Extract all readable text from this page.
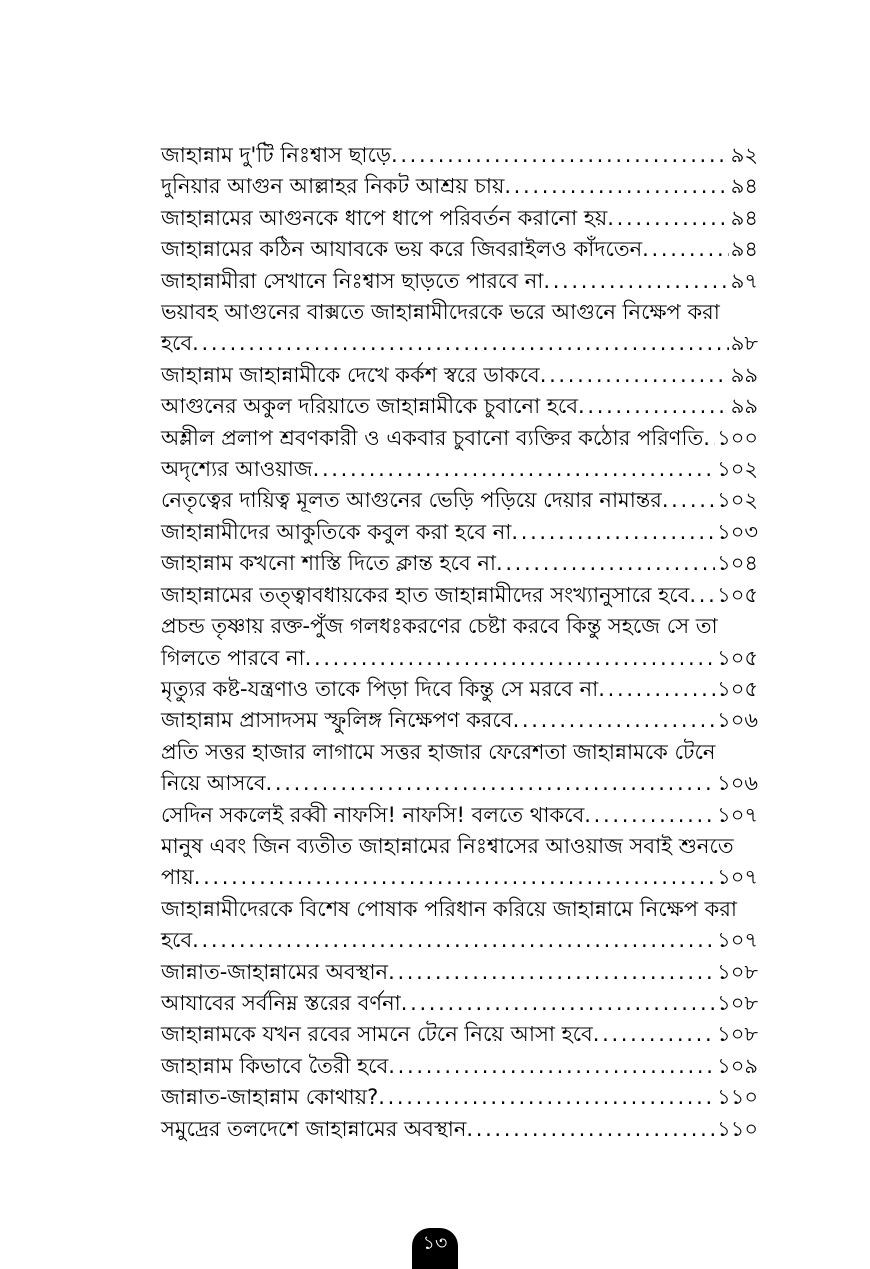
জাহান্নাম দু'টি নিঃশ্বাস ছাড়ে . . .	৯২
দুনিয়ার আগুন আল্লাহর নিকট আশ্রয় চায় . . .	৯৪
জাহান্নামের আগুনকে ধাপে ধাপে পরিবর্তন করানো হয় . . .	৯৪
জাহান্নামের কঠিন আযাবকে ভয় করে জিবরাইলও কাঁদতেন . . .	৯৪
জাহান্নামীরা সেখানে নিঃশ্বাস ছাড়তে পারবে না . . .	৯৭
ভয়াবহ আগুনের বাক্সতে জাহান্নামীদেরকে ভরে আগুনে নিক্ষেপ করা
হবে . . .	৯৮
জাহান্নাম জাহান্নামীকে দেখে কর্কশ স্বরে ডাকবে . . .	৯৯
আগুনের অকুল দরিয়াতে জাহান্নামীকে চুবানো হবে . . .	৯৯
অশ্লীল প্রলাপ শ্রবণকারী ও একবার চুবানো ব্যক্তির কঠোর পরিণতি . . . ১০০
অদৃশ্যের আওয়াজ . . .	১০২
নেতৃত্বের দায়িত্ব মূলত আগুনের ভেড়ি পড়িয়ে দেয়ার নামান্তর . . .	১০২
জাহান্নামীদের আকুতিকে কবুল করা হবে না . . .	১০৩
জাহান্নাম কখনো শাস্তি দিতে ক্লান্ত হবে না . . .	১০৪
জাহান্নামের তত্ত্বাবধায়কের হাত জাহান্নামীদের সংখ্যানুসারে হবে . . . ১০৫
প্রচন্ড তৃষ্ণায় রক্ত-পুঁজ গলধঃকরণের চেষ্টা করবে কিন্তু সহজে সে তা
গিলতে পারবে না . . .	১০৫
মৃত্যুর কষ্ট-যন্ত্রণাও তাকে পিড়া দিবে কিন্তু সে মরবে না . . .	১০৫
জাহান্নাম প্রাসাদসম স্ফুলিঙ্গ নিক্ষেপণ করবে . . .	১০৬
প্রতি সত্তর হাজার লাগামে সত্তর হাজার ফেরেশতা জাহান্নামকে টেনে
নিয়ে আসবে . . .	১০৬
সেদিন সকলেই রব্বী নাফসি! নাফসি! বলতে থাকবে . . .	১০৭
মানুষ এবং জিন ব্যতীত জাহান্নামের নিঃশ্বাসের আওয়াজ সবাই শুনতে
পায় . . .	১০৭
জাহান্নামীদেরকে বিশেষ পোষাক পরিধান করিয়ে জাহান্নামে নিক্ষেপ করা
হবে . . .	১০৭
জান্নাত-জাহান্নামের অবস্থান . . .	১০৮
আযাবের সর্বনিম্ন স্তরের বর্ণনা . . .	১০৮
জাহান্নামকে যখন রবের সামনে টেনে নিয়ে আসা হবে . . .	১০৮
জাহান্নাম কিভাবে তৈরী হবে . . .	১০৯
জান্নাত-জাহান্নাম কোথায়? . . .	১১০
সমুদ্রের তলদেশে জাহান্নামের অবস্থান . . .	১১০
১৩
